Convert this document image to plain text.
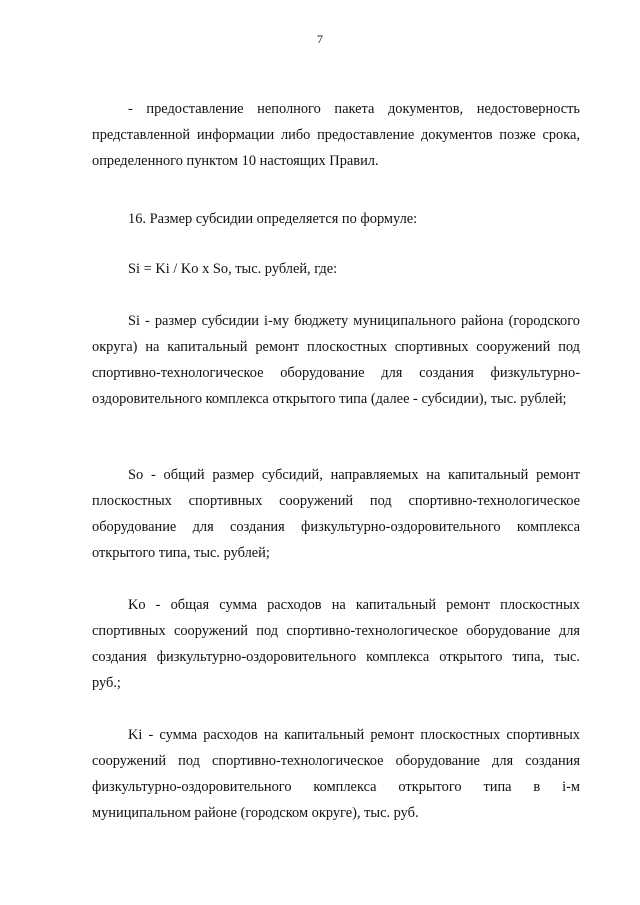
7

- предоставление неполного пакета документов, недостоверность представленной информации либо предоставление документов позже срока, определенного пунктом 10 настоящих Правил.

16. Размер субсидии определяется по формуле:

Si = Ki / Ko x So, тыс. рублей, где:

Si - размер субсидии i-му бюджету муниципального района (городского округа) на капитальный ремонт плоскостных спортивных сооружений под спортивно-технологическое оборудование для создания физкультурно-оздоровительного комплекса открытого типа (далее - субсидии), тыс. рублей;

So - общий размер субсидий, направляемых на капитальный ремонт плоскостных спортивных сооружений под спортивно-технологическое оборудование для создания физкультурно-оздоровительного комплекса открытого типа, тыс. рублей;

Ko - общая сумма расходов на капитальный ремонт плоскостных спортивных сооружений под спортивно-технологическое оборудование для создания физкультурно-оздоровительного комплекса открытого типа, тыс. руб.;

Ki - сумма расходов на капитальный ремонт плоскостных спортивных сооружений под спортивно-технологическое оборудование для создания физкультурно-оздоровительного комплекса открытого типа в i-м муниципальном районе (городском округе), тыс. руб.
